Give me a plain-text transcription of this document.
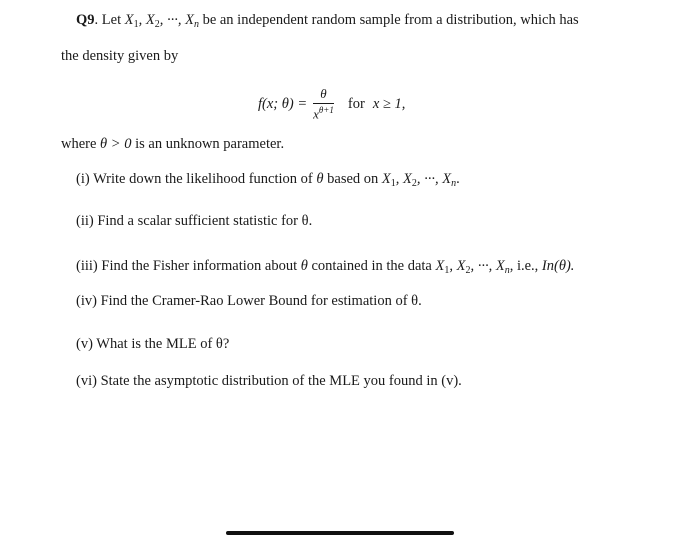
Q9. Let $X_1$, $X_2$, ···, $X_n$ be an independent random sample from a distribution, which has
the density given by
f(x; $\theta) = \frac{\theta}{x^{\theta+1}}$ for x ≥ 1,
where θ > 0 is an unknown parameter.
(i) Write down the likelihood function of θ based on $X_1$, $X_2$, ···, $X_n$.
(ii) Find a scalar sufficient statistic for θ.
(iii) Find the Fisher information about θ contained in the data $X_1$, $X_2$, ···, $X_n$, i.e., In(θ).
(iv) Find the Cramer-Rao Lower Bound for estimation of θ.
(v) What is the MLE of θ?
(vi) State the asymptotic distribution of the MLE you found in (v).
